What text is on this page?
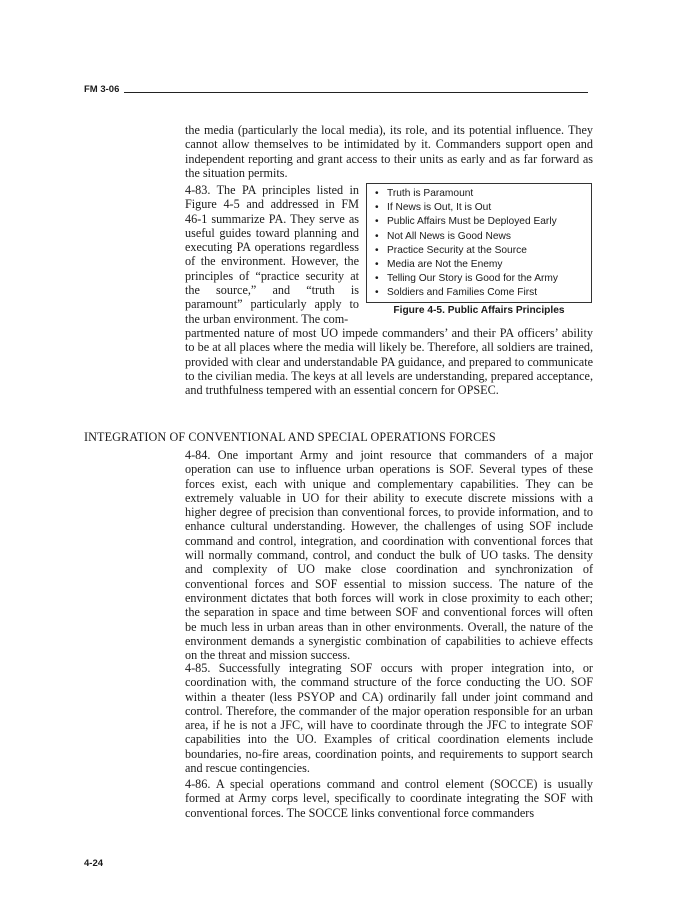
FM 3-06
the media (particularly the local media), its role, and its potential influence. They cannot allow themselves to be intimidated by it. Commanders support open and independent reporting and grant access to their units as early and as far forward as the situation permits.
4-83. The PA principles listed in Figure 4-5 and addressed in FM 46-1 summarize PA. They serve as useful guides toward planning and executing PA operations regardless of the environment. However, the principles of “practice security at the source,” and “truth is paramount” particularly apply to the urban environment. The com-
• Truth is Paramount
• If News is Out, It is Out
• Public Affairs Must be Deployed Early
• Not All News is Good News
• Practice Security at the Source
• Media are Not the Enemy
• Telling Our Story is Good for the Army
• Soldiers and Families Come First
Figure 4-5. Public Affairs Principles
partmented nature of most UO impede commanders’ and their PA officers’ ability to be at all places where the media will likely be. Therefore, all soldiers are trained, provided with clear and understandable PA guidance, and prepared to communicate to the civilian media. The keys at all levels are understanding, prepared acceptance, and truthfulness tempered with an essential concern for OPSEC.
INTEGRATION OF CONVENTIONAL AND SPECIAL OPERATIONS FORCES
4-84. One important Army and joint resource that commanders of a major operation can use to influence urban operations is SOF. Several types of these forces exist, each with unique and complementary capabilities. They can be extremely valuable in UO for their ability to execute discrete missions with a higher degree of precision than conventional forces, to provide information, and to enhance cultural understanding. However, the challenges of using SOF include command and control, integration, and coordination with conventional forces that will normally command, control, and conduct the bulk of UO tasks. The density and complexity of UO make close coordination and synchronization of conventional forces and SOF essential to mission success. The nature of the environment dictates that both forces will work in close proximity to each other; the separation in space and time between SOF and conventional forces will often be much less in urban areas than in other environments. Overall, the nature of the environment demands a synergistic combination of capabilities to achieve effects on the threat and mission success.
4-85. Successfully integrating SOF occurs with proper integration into, or coordination with, the command structure of the force conducting the UO. SOF within a theater (less PSYOP and CA) ordinarily fall under joint command and control. Therefore, the commander of the major operation responsible for an urban area, if he is not a JFC, will have to coordinate through the JFC to integrate SOF capabilities into the UO. Examples of critical coordination elements include boundaries, no-fire areas, coordination points, and requirements to support search and rescue contingencies.
4-86. A special operations command and control element (SOCCE) is usually formed at Army corps level, specifically to coordinate integrating the SOF with conventional forces. The SOCCE links conventional force commanders
4-24
